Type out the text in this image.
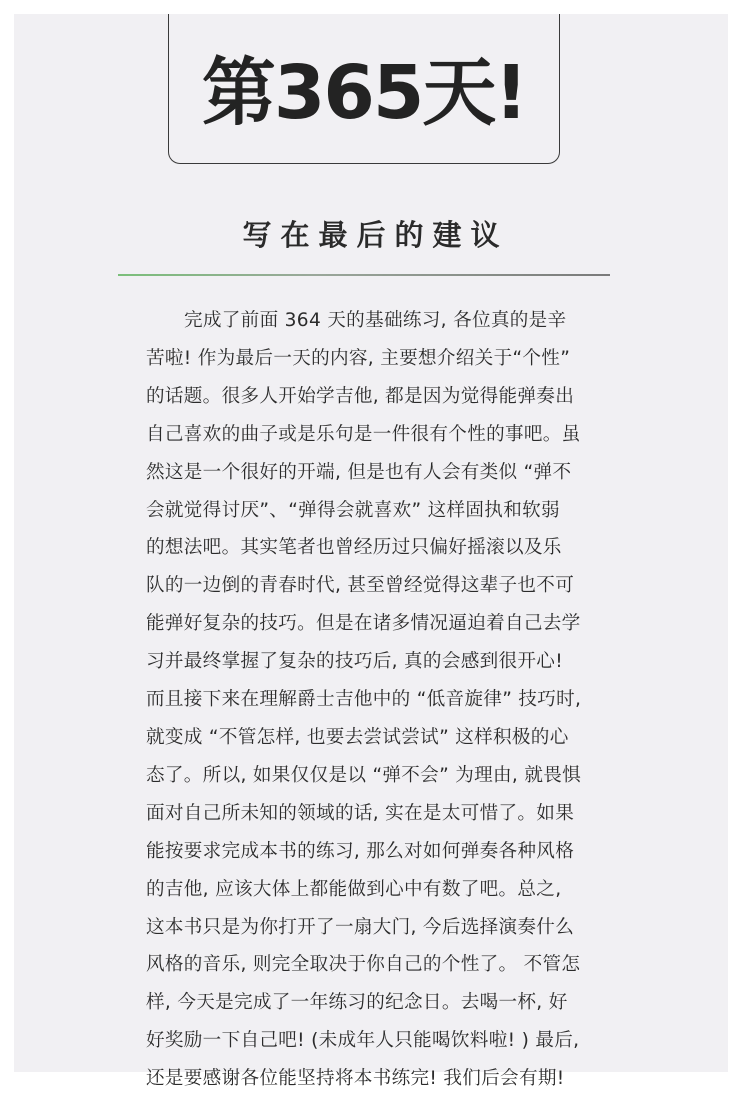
第365天!
写在最后的建议
完成了前面 364 天的基础练习, 各位真的是辛
苦啦! 作为最后一天的内容, 主要想介绍关于“个性”
的话题。很多人开始学吉他, 都是因为觉得能弹奏出
自己喜欢的曲子或是乐句是一件很有个性的事吧。虽
然这是一个很好的开端, 但是也有人会有类似 “弹不
会就觉得讨厌”、“弹得会就喜欢” 这样固执和软弱
的想法吧。其实笔者也曾经历过只偏好摇滚以及乐
队的一边倒的青春时代, 甚至曾经觉得这辈子也不可
能弹好复杂的技巧。但是在诸多情况逼迫着自己去学
习并最终掌握了复杂的技巧后, 真的会感到很开心!
而且接下来在理解爵士吉他中的 “低音旋律” 技巧时,
就变成 “不管怎样, 也要去尝试尝试” 这样积极的心
态了。所以, 如果仅仅是以 “弹不会” 为理由, 就畏惧
面对自己所未知的领域的话, 实在是太可惜了。如果
能按要求完成本书的练习, 那么对如何弹奏各种风格
的吉他, 应该大体上都能做到心中有数了吧。总之,
这本书只是为你打开了一扇大门, 今后选择演奏什么
风格的音乐, 则完全取决于你自己的个性了。 不管怎
样, 今天是完成了一年练习的纪念日。去喝一杯, 好
好奖励一下自己吧! (未成年人只能喝饮料啦! ) 最后,
还是要感谢各位能坚持将本书练完! 我们后会有期!
